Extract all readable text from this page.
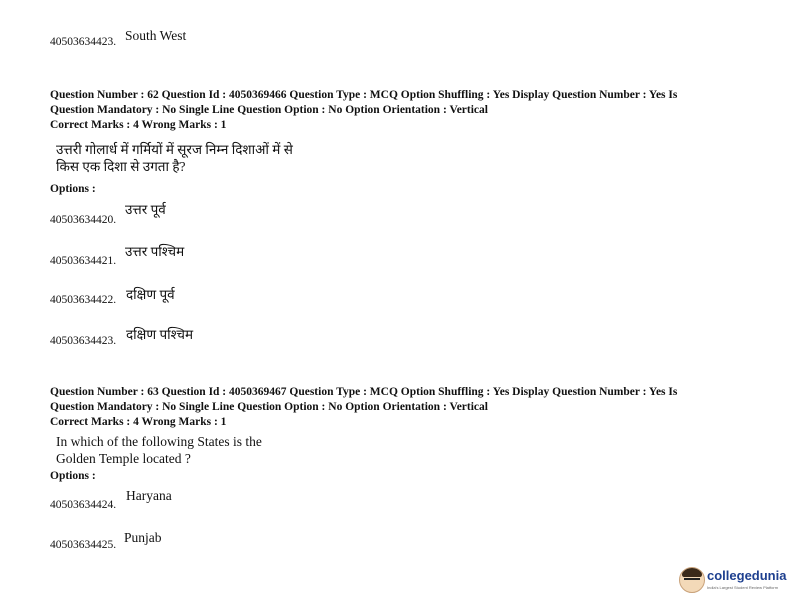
40503634423. South West
Question Number : 62 Question Id : 4050369466 Question Type : MCQ Option Shuffling : Yes Display Question Number : Yes Is
Question Mandatory : No Single Line Question Option : No Option Orientation : Vertical
Correct Marks : 4 Wrong Marks : 1
उत्तरी गोलार्ध में गर्मियों में सूरज निम्न दिशाओं में से
किस एक दिशा से उगता है?
Options :
40503634420.
उत्तर पूर्व
40503634421.
उत्तर पश्चिम
40503634422. दक्षिण पूर्व
40503634423. दक्षिण पश्चिम
Question Number : 63 Question Id : 4050369467 Question Type : MCQ Option Shuffling : Yes Display Question Number : Yes Is
Question Mandatory : No Single Line Question Option : No Option Orientation : Vertical
Correct Marks : 4 Wrong Marks : 1
In which of the following States is the
Golden Temple located ?
Options :
40503634424.
Haryana
40503634425. Punjab
collegedunia
India's Largest Student Review Platform
